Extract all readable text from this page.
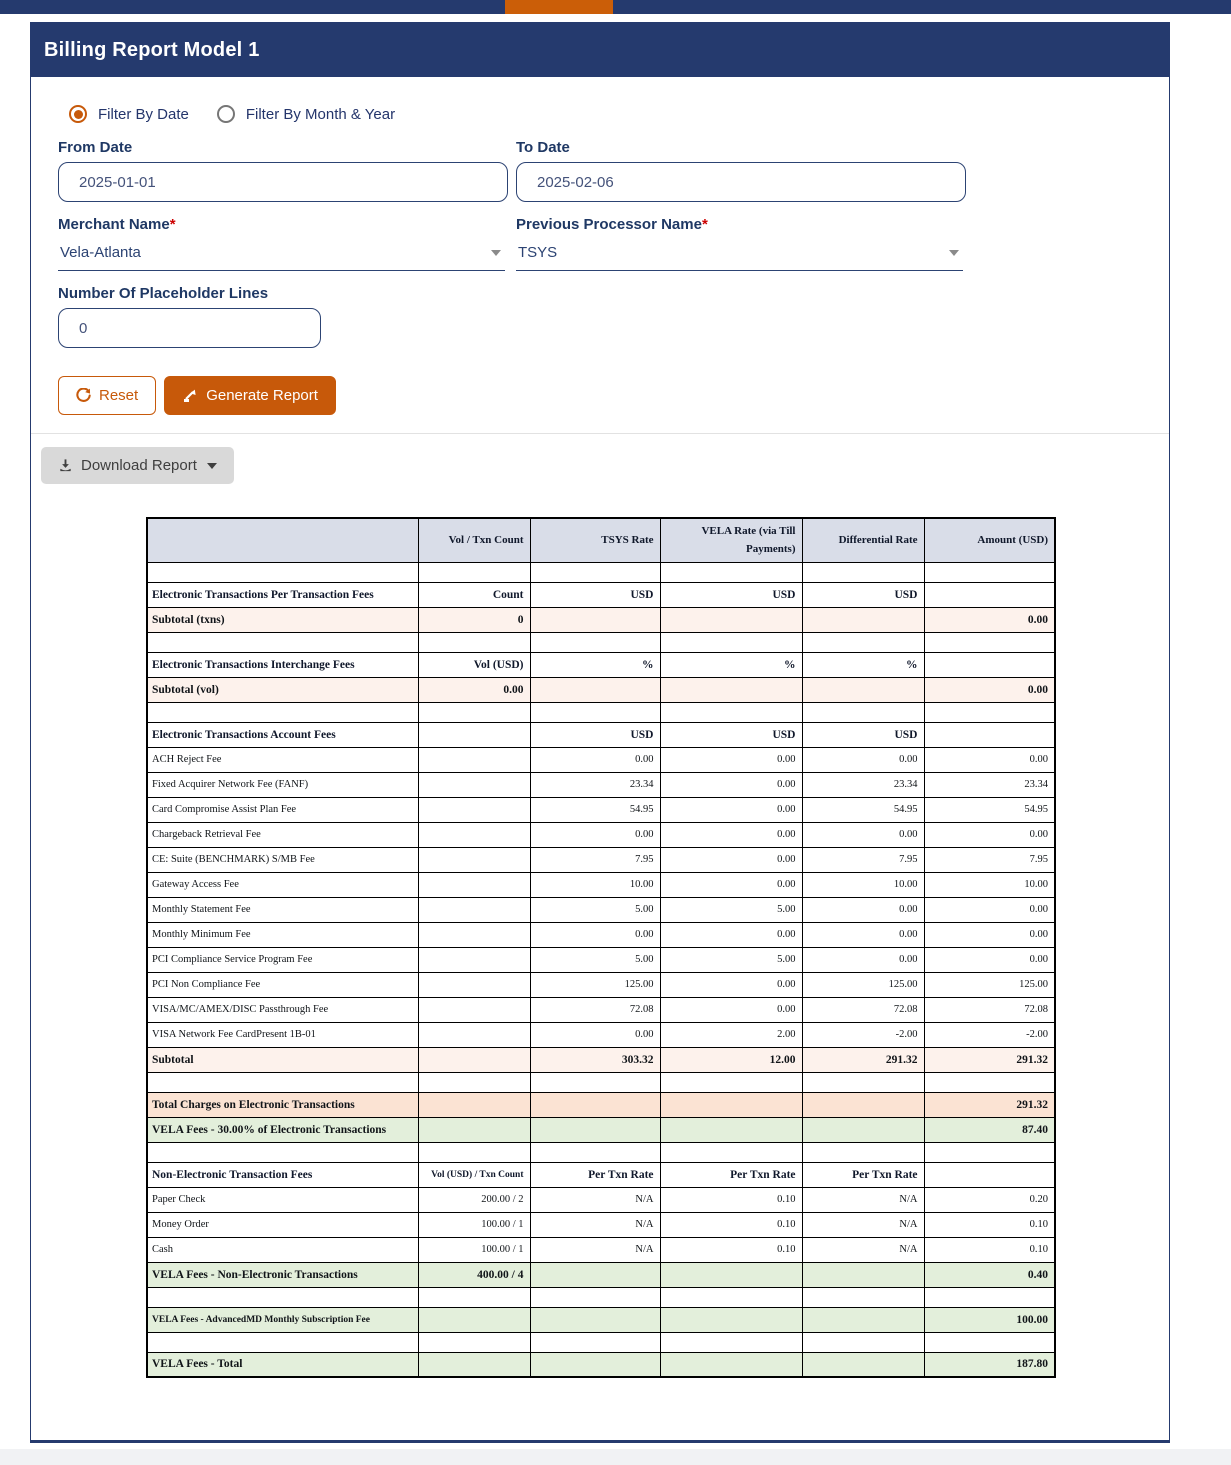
Billing Report Model 1
Filter By Date	Filter By Month & Year
From Date
2025-01-01	To Date
2025-02-06
Merchant Name*
Vela-Atlanta
Previous Processor Name*
TSYS
Number Of Placeholder Lines
0
Reset	Generate Report
Download Report
	Vol / Txn Count	TSYS Rate	VELA Rate (via Till Payments)	Differential Rate	Amount (USD)

Electronic Transactions Per Transaction Fees	Count	USD	USD	USD	
Subtotal (txns)	0				0.00

Electronic Transactions Interchange Fees	Vol (USD)	%	%	%	
Subtotal (vol)	0.00				0.00

Electronic Transactions Account Fees		USD	USD	USD	
ACH Reject Fee		0.00	0.00	0.00	0.00
Fixed Acquirer Network Fee (FANF)		23.34	0.00	23.34	23.34
Card Compromise Assist Plan Fee		54.95	0.00	54.95	54.95
Chargeback Retrieval Fee		0.00	0.00	0.00	0.00
CE: Suite (BENCHMARK) S/MB Fee		7.95	0.00	7.95	7.95
Gateway Access Fee		10.00	0.00	10.00	10.00
Monthly Statement Fee		5.00	5.00	0.00	0.00
Monthly Minimum Fee		0.00	0.00	0.00	0.00
PCI Compliance Service Program Fee		5.00	5.00	0.00	0.00
PCI Non Compliance Fee		125.00	0.00	125.00	125.00
VISA/MC/AMEX/DISC Passthrough Fee		72.08	0.00	72.08	72.08
VISA Network Fee CardPresent 1B-01		0.00	2.00	-2.00	-2.00
Subtotal		303.32	12.00	291.32	291.32

Total Charges on Electronic Transactions					291.32
VELA Fees - 30.00% of Electronic Transactions					87.40

Non-Electronic Transaction Fees	Vol (USD) / Txn Count	Per Txn Rate	Per Txn Rate	Per Txn Rate	
Paper Check	200.00 / 2	N/A	0.10	N/A	0.20
Money Order	100.00 / 1	N/A	0.10	N/A	0.10
Cash	100.00 / 1	N/A	0.10	N/A	0.10
VELA Fees - Non-Electronic Transactions	400.00 / 4				0.40

VELA Fees - AdvancedMD Monthly Subscription Fee					100.00

VELA Fees - Total					187.80
